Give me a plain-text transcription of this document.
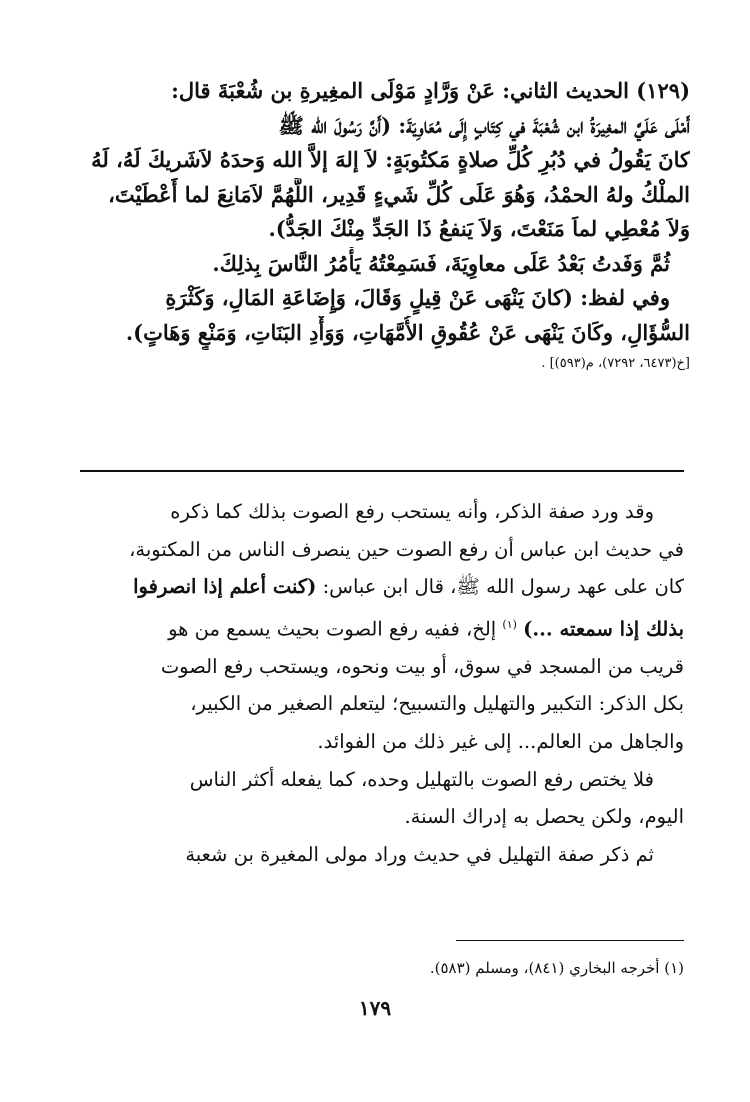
(١٢٩) الحديث الثاني: عَنْ وَرَّادٍ مَوْلَى المغِيرةِ بن شُعْبَةَ قال:
أَمْلَى عَلَيَّ المغِيرَةُ ابن شُعْبَةَ في كِتَابٍ إِلَى مُعَاوِيَةَ: (أَنَّ رَسُولَ الله ﷺ
كانَ يَقُولُ في دُبُرِ كُلِّ صلاةٍ مَكتُوبَةٍ: لاَ إلهَ إلاَّ الله وَحدَهُ لاَشَريكَ لَهُ، لَهُ
الملْكُ ولهُ الحمْدُ، وَهُوَ عَلَى كُلِّ شَيءٍ قَدِير، اللَّهُمَّ لاَمَانِعَ لما أَعْطَيْتَ،
وَلاَ مُعْطِي لماَ مَنَعْتَ، وَلاَ يَنفعُ ذَا الجَدِّ مِنْكَ الجَدُّ).
ثُمَّ وَفَدتُ بَعْدُ عَلَى معاوِيَةَ، فَسَمِعْتُهُ يَأْمُرُ النَّاسَ بِذلِكَ.
وفي لفظ: (كانَ يَنْهَى عَنْ قِيلٍ وَقَالَ، وَإِضَاعَةِ المَالِ، وَكَثْرَةِ
السُّؤَالِ، وكَانَ يَنْهَى عَنْ عُقُوقِ الأُمَّهَاتِ، وَوَأْدِ البَنَاتِ، وَمَنْعٍ وَهَاتٍ).
[خ(٦٤٧٣، ٧٢٩٢)، م(٥٩٣)] .
وقد ورد صفة الذكر، وأنه يستحب رفع الصوت بذلك كما ذكره
في حديث ابن عباس أن رفع الصوت حين ينصرف الناس من المكتوبة،
كان على عهد رسول الله ﷺ، قال ابن عباس: (كنت أعلم إذا انصرفوا
بذلك إذا سمعته ...) $^{(١)}$ إلخ، ففيه رفع الصوت بحيث يسمع من هو
قريب من المسجد في سوق، أو بيت ونحوه، ويستحب رفع الصوت
بكل الذكر: التكبير والتهليل والتسبيح؛ ليتعلم الصغير من الكبير،
والجاهل من العالم... إلى غير ذلك من الفوائد.
فلا يختص رفع الصوت بالتهليل وحده، كما يفعله أكثر الناس
اليوم، ولكن يحصل به إدراك السنة.
ثم ذكر صفة التهليل في حديث وراد مولى المغيرة بن شعبة
(١) أخرجه البخاري (٨٤١)، ومسلم (٥٨٣).
١٧٩
